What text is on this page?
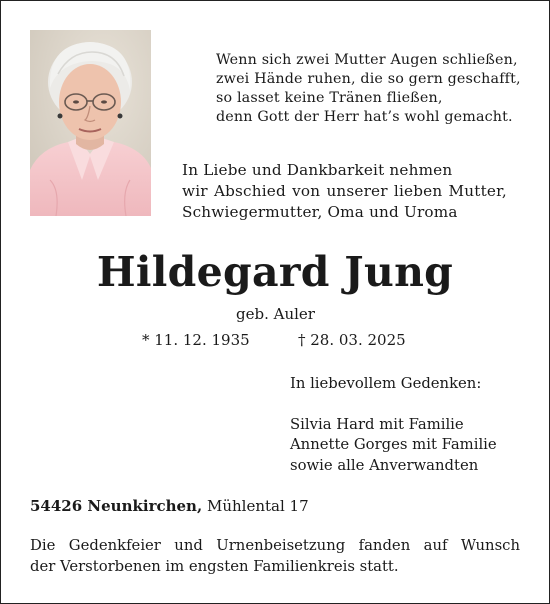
Wenn sich zwei Mutter Augen schließen,
zwei Hände ruhen, die so gern geschafft,
so lasset keine Tränen fließen,
denn Gott der Herr hat’s wohl gemacht.
In Liebe und Dankbarkeit nehmen
wir Abschied von unserer lieben Mutter,
Schwiegermutter, Oma und Uroma
Hildegard Jung
geb. Auler
* 11. 12. 1935	† 28. 03. 2025
In liebevollem Gedenken:
Silvia Hard mit Familie
Annette Gorges mit Familie
sowie alle Anverwandten
54426 Neunkirchen, Mühlental 17
Die Gedenkfeier und Urnenbeisetzung fanden auf Wunsch
der Verstorbenen im engsten Familienkreis statt.
